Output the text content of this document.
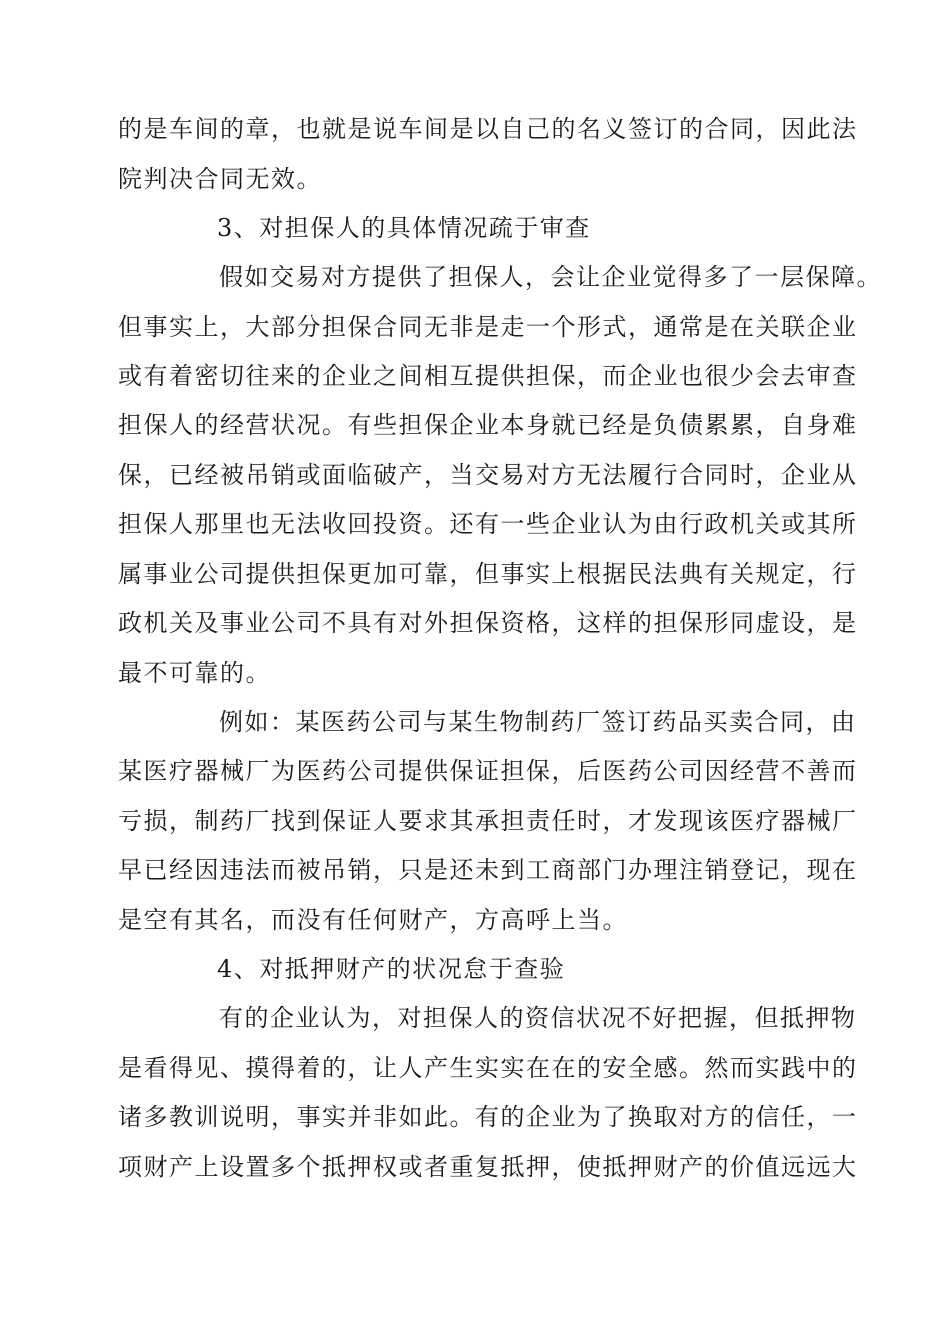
的是车间的章，也就是说车间是以自己的名义签订的合同，因此法
院判决合同无效。
3、对担保人的具体情况疏于审查
假如交易对方提供了担保人，会让企业觉得多了一层保障。
但事实上，大部分担保合同无非是走一个形式，通常是在关联企业
或有着密切往来的企业之间相互提供担保，而企业也很少会去审查
担保人的经营状况。有些担保企业本身就已经是负债累累，自身难
保，已经被吊销或面临破产，当交易对方无法履行合同时，企业从
担保人那里也无法收回投资。还有一些企业认为由行政机关或其所
属事业公司提供担保更加可靠，但事实上根据民法典有关规定，行
政机关及事业公司不具有对外担保资格，这样的担保形同虚设，是
最不可靠的。
例如：某医药公司与某生物制药厂签订药品买卖合同，由
某医疗器械厂为医药公司提供保证担保，后医药公司因经营不善而
亏损，制药厂找到保证人要求其承担责任时，才发现该医疗器械厂
早已经因违法而被吊销，只是还未到工商部门办理注销登记，现在
是空有其名，而没有任何财产，方高呼上当。
4、对抵押财产的状况怠于查验
有的企业认为，对担保人的资信状况不好把握，但抵押物
是看得见、摸得着的，让人产生实实在在的安全感。然而实践中的
诸多教训说明，事实并非如此。有的企业为了换取对方的信任，一
项财产上设置多个抵押权或者重复抵押，使抵押财产的价值远远大
